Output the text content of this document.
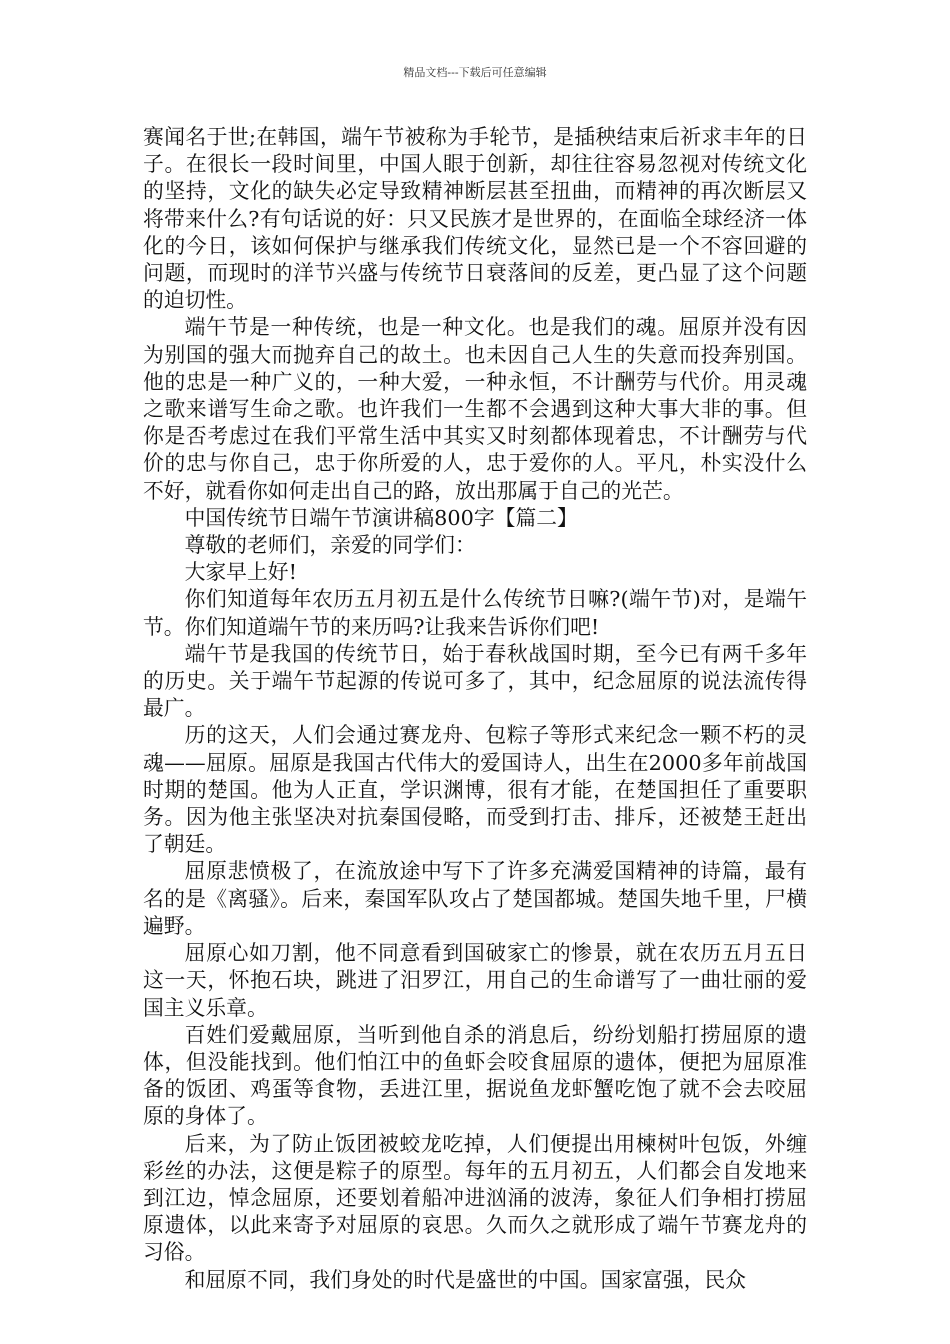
精品文档---下载后可任意编辑

赛闻名于世;在韩国，端午节被称为手轮节，是插秧结束后祈求丰年的日子。在很长一段时间里，中国人眼于创新，却往往容易忽视对传统文化的坚持，文化的缺失必定导致精神断层甚至扭曲，而精神的再次断层又将带来什么?有句话说的好：只又民族才是世界的，在面临全球经济一体化的今日，该如何保护与继承我们传统文化，显然已是一个不容回避的问题，而现时的洋节兴盛与传统节日衰落间的反差，更凸显了这个问题的迫切性。

端午节是一种传统，也是一种文化。也是我们的魂。屈原并没有因为别国的强大而抛弃自己的故土。也未因自己人生的失意而投奔别国。他的忠是一种广义的，一种大爱，一种永恒，不计酬劳与代价。用灵魂之歌来谱写生命之歌。也许我们一生都不会遇到这种大事大非的事。但你是否考虑过在我们平常生活中其实又时刻都体现着忠，不计酬劳与代价的忠与你自己，忠于你所爱的人，忠于爱你的人。平凡，朴实没什么不好，就看你如何走出自己的路，放出那属于自己的光芒。

中国传统节日端午节演讲稿800字【篇二】

尊敬的老师们，亲爱的同学们：

大家早上好!

你们知道每年农历五月初五是什么传统节日嘛?(端午节)对，是端午节。你们知道端午节的来历吗?让我来告诉你们吧!

端午节是我国的传统节日，始于春秋战国时期，至今已有两千多年的历史。关于端午节起源的传说可多了，其中，纪念屈原的说法流传得最广。

历的这天，人们会通过赛龙舟、包粽子等形式来纪念一颗不朽的灵魂——屈原。屈原是我国古代伟大的爱国诗人，出生在2000多年前战国时期的楚国。他为人正直，学识渊博，很有才能，在楚国担任了重要职务。因为他主张坚决对抗秦国侵略，而受到打击、排斥，还被楚王赶出了朝廷。

屈原悲愤极了，在流放途中写下了许多充满爱国精神的诗篇，最有名的是《离骚》。后来，秦国军队攻占了楚国都城。楚国失地千里，尸横遍野。

屈原心如刀割，他不同意看到国破家亡的惨景，就在农历五月五日这一天，怀抱石块，跳进了汨罗江，用自己的生命谱写了一曲壮丽的爱国主义乐章。

百姓们爱戴屈原，当听到他自杀的消息后，纷纷划船打捞屈原的遗体，但没能找到。他们怕江中的鱼虾会咬食屈原的遗体，便把为屈原准备的饭团、鸡蛋等食物，丢进江里，据说鱼龙虾蟹吃饱了就不会去咬屈原的身体了。

后来，为了防止饭团被蛟龙吃掉，人们便提出用楝树叶包饭，外缠彩丝的办法，这便是粽子的原型。每年的五月初五，人们都会自发地来到江边，悼念屈原，还要划着船冲进汹涌的波涛，象征人们争相打捞屈原遗体，以此来寄予对屈原的哀思。久而久之就形成了端午节赛龙舟的习俗。

和屈原不同，我们身处的时代是盛世的中国。国家富强，民众
